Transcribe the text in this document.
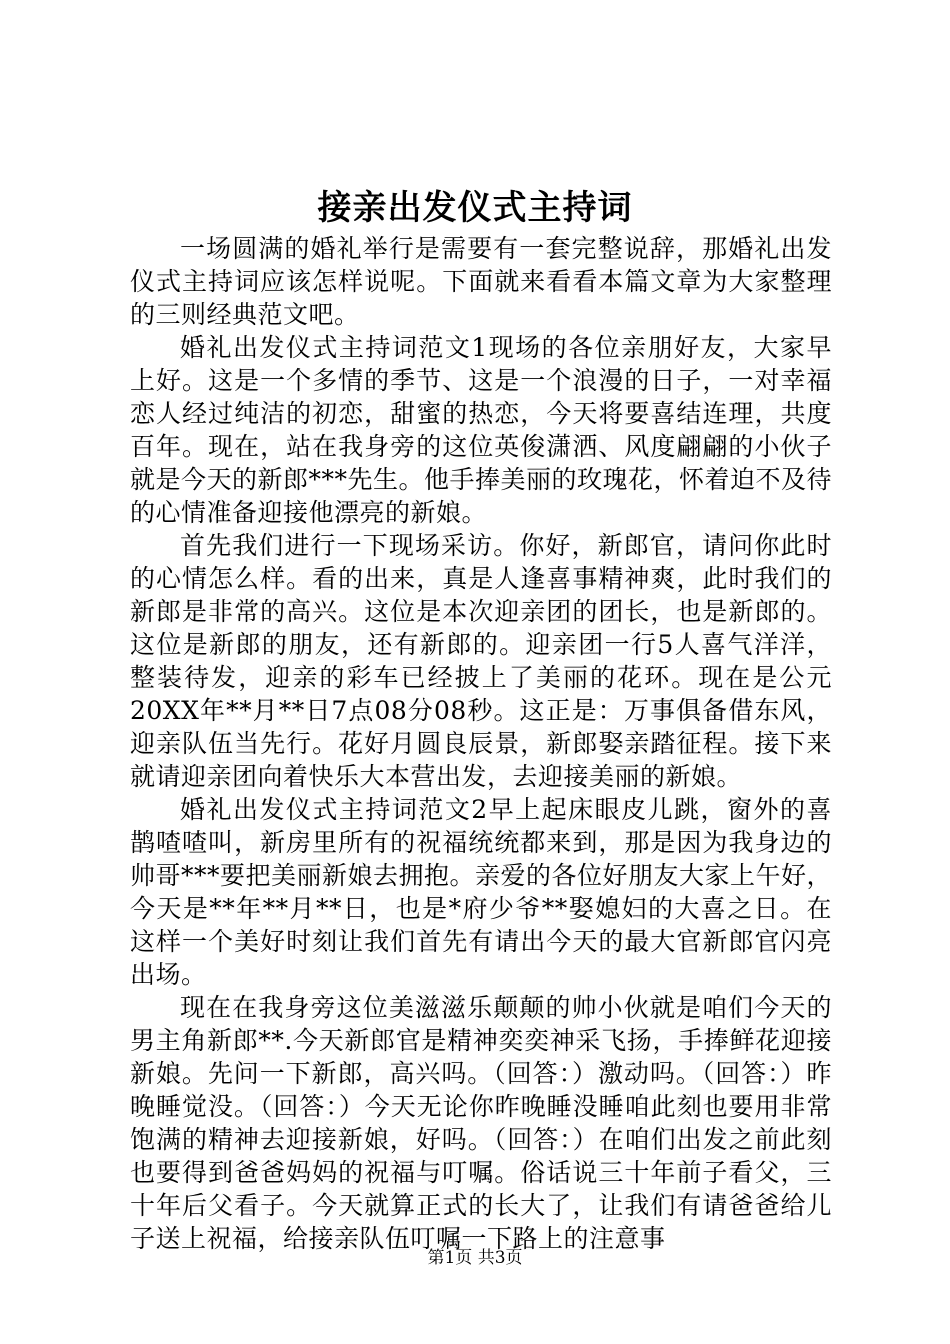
接亲出发仪式主持词

一场圆满的婚礼举行是需要有一套完整说辞，那婚礼出发仪式主持词应该怎样说呢。下面就来看看本篇文章为大家整理的三则经典范文吧。

婚礼出发仪式主持词范文1现场的各位亲朋好友，大家早上好。这是一个多情的季节、这是一个浪漫的日子，一对幸福恋人经过纯洁的初恋，甜蜜的热恋，今天将要喜结连理，共度百年。现在，站在我身旁的这位英俊潇洒、风度翩翩的小伙子就是今天的新郎***先生。他手捧美丽的玫瑰花，怀着迫不及待的心情准备迎接他漂亮的新娘。

首先我们进行一下现场采访。你好，新郎官，请问你此时的心情怎么样。看的出来，真是人逢喜事精神爽，此时我们的新郎是非常的高兴。这位是本次迎亲团的团长，也是新郎的。这位是新郎的朋友，还有新郎的。迎亲团一行5人喜气洋洋，整装待发，迎亲的彩车已经披上了美丽的花环。现在是公元20XX年**月**日7点08分08秒。这正是：万事俱备借东风，迎亲队伍当先行。花好月圆良辰景，新郎娶亲踏征程。接下来就请迎亲团向着快乐大本营出发，去迎接美丽的新娘。

婚礼出发仪式主持词范文2早上起床眼皮儿跳，窗外的喜鹊喳喳叫，新房里所有的祝福统统都来到，那是因为我身边的帅哥***要把美丽新娘去拥抱。亲爱的各位好朋友大家上午好，今天是**年**月**日，也是*府少爷**娶媳妇的大喜之日。在这样一个美好时刻让我们首先有请出今天的最大官新郎官闪亮出场。

现在在我身旁这位美滋滋乐颠颠的帅小伙就是咱们今天的男主角新郎**.今天新郎官是精神奕奕神采飞扬，手捧鲜花迎接新娘。先问一下新郎，高兴吗。（回答：）激动吗。（回答：）昨晚睡觉没。（回答：）今天无论你昨晚睡没睡咱此刻也要用非常饱满的精神去迎接新娘，好吗。（回答：）在咱们出发之前此刻也要得到爸爸妈妈的祝福与叮嘱。俗话说三十年前子看父，三十年后父看子。今天就算正式的长大了，让我们有请爸爸给儿子送上祝福，给接亲队伍叮嘱一下路上的注意事

第1页 共3页
